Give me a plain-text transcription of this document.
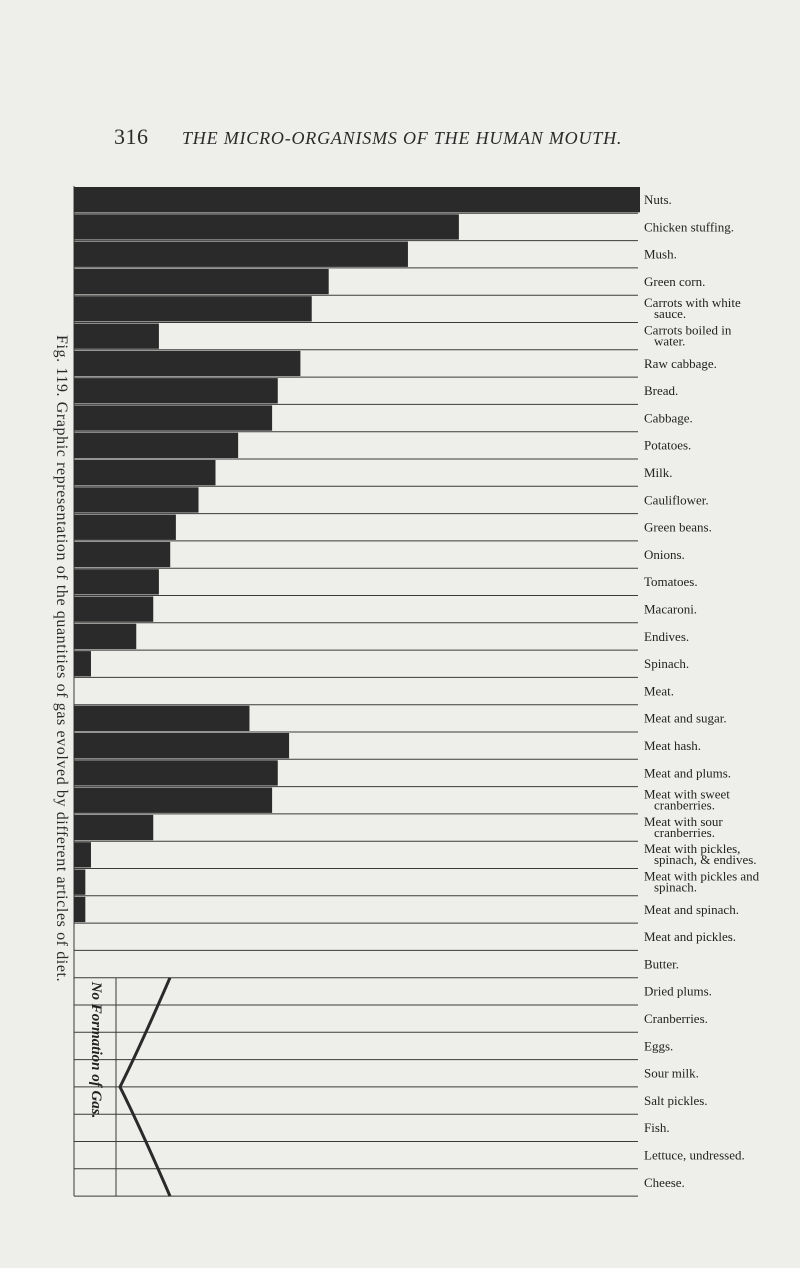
316 THE MICRO-ORGANISMS OF THE HUMAN MOUTH.
Fig. 119. Graphic representation of the quantities of gas evolved by different articles of diet.
Nuts.
Chicken stuffing.
Mush.
Green corn.
Carrots with white sauce.
Carrots boiled in water.
Raw cabbage.
Bread.
Cabbage.
Potatoes.
Milk.
Cauliflower.
Green beans.
Onions.
Tomatoes.
Macaroni.
Endives.
Spinach.
Meat.
Meat and sugar.
Meat hash.
Meat and plums.
Meat with sweet cranberries.
Meat with sour cranberries.
Meat with pickles, spinach, & endives.
Meat with pickles and spinach.
Meat and spinach.
Meat and pickles.
Butter.
Dried plums.
Cranberries.
Eggs.
Sour milk.
Salt pickles.
Fish.
Lettuce, undressed.
Cheese.
No Formation of Gas.
